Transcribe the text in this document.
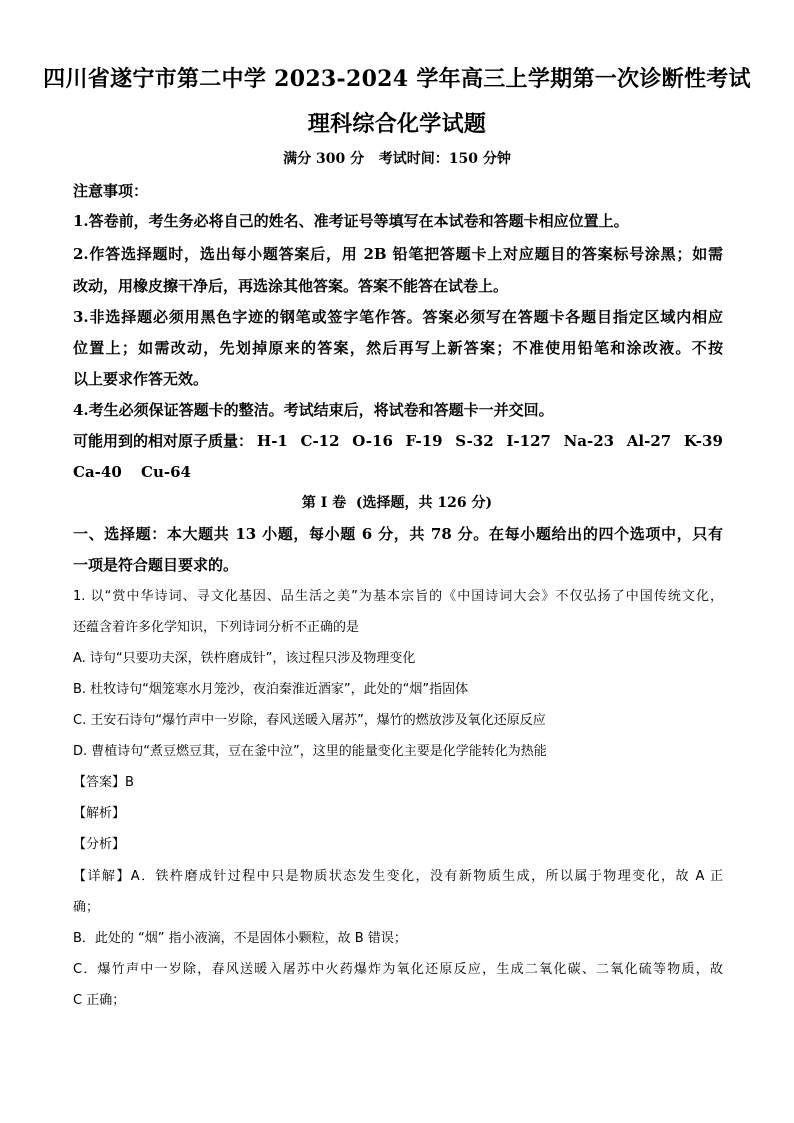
四川省遂宁市第二中学 2023-2024 学年高三上学期第一次诊断性考试
理科综合化学试题
满分 300 分   考试时间：150 分钟
注意事项：
1.答卷前，考生务必将自己的姓名、准考证号等填写在本试卷和答题卡相应位置上。
2.作答选择题时，选出每小题答案后，用 2B 铅笔把答题卡上对应题目的答案标号涂黑；如需
改动，用橡皮擦干净后，再选涂其他答案。答案不能答在试卷上。
3.非选择题必须用黑色字迹的钢笔或签字笔作答。答案必须写在答题卡各题目指定区域内相应
位置上；如需改动，先划掉原来的答案，然后再写上新答案；不准使用铅笔和涂改液。不按
以上要求作答无效。
4.考生必须保证答题卡的整洁。考试结束后，将试卷和答题卡一并交回。
可能用到的相对原子质量： H-1 C-12 O-16 F-19 S-32 I-127 Na-23 Al-27 K-39
Ca-40 Cu-64
第 I 卷  (选择题，共 126 分)
一、选择题：本大题共 13 小题，每小题 6 分，共 78 分。在每小题给出的四个选项中，只有
一项是符合题目要求的。
1. 以“赏中华诗词、寻文化基因、品生活之美”为基本宗旨的《中国诗词大会》不仅弘扬了中国传统文化，
还蕴含着许多化学知识，下列诗词分析不正确的是
A. 诗句“只要功夫深，铁杵磨成针”，该过程只涉及物理变化
B. 杜牧诗句“烟笼寒水月笼沙，夜泊秦淮近酒家”，此处的“烟”指固体
C. 王安石诗句“爆竹声中一岁除，春风送暖入屠苏”，爆竹的燃放涉及氧化还原反应
D. 曹植诗句“煮豆燃豆萁，豆在釜中泣”，这里的能量变化主要是化学能转化为热能
【答案】B
【解析】
【分析】
【详解】A．铁杵磨成针过程中只是物质状态发生变化，没有新物质生成，所以属于物理变化，故 A 正
确；
B．此处的 “烟” 指小液滴，不是固体小颗粒，故 B 错误；
C．爆竹声中一岁除，春风送暖入屠苏中火药爆炸为氧化还原反应，生成二氧化碳、二氧化硫等物质，故
C 正确；
